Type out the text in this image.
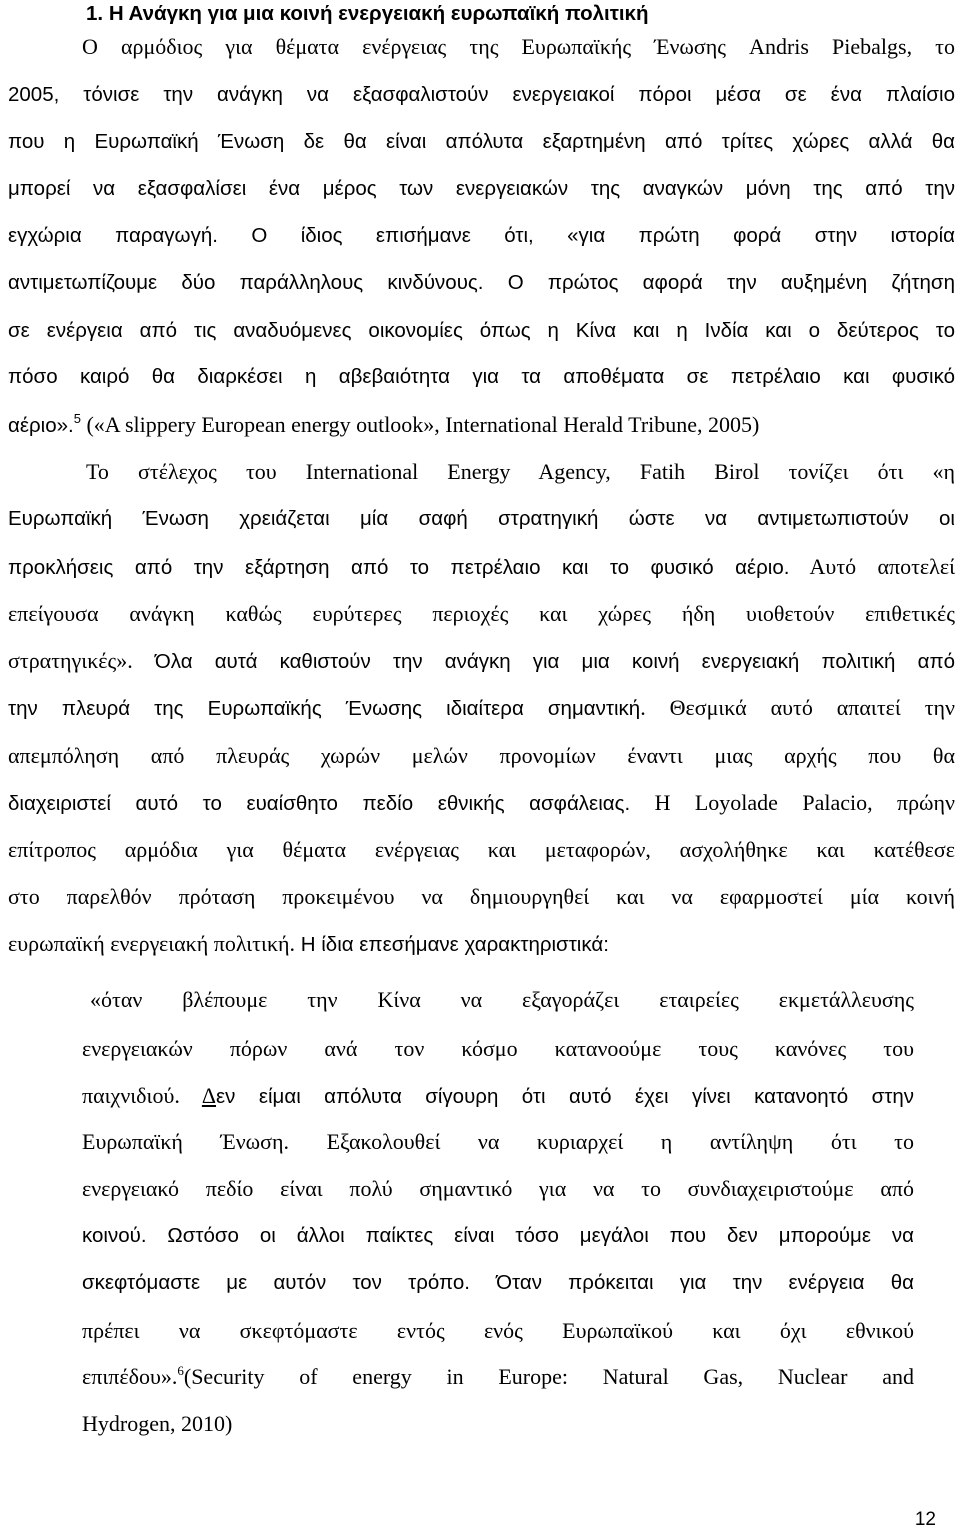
1. Η Ανάγκη για μια κοινή ενεργειακή ευρωπαϊκή πολιτική
Ο αρμόδιος για θέματα ενέργειας της Ευρωπαϊκής Ένωσης Andris Piebalgs, το
2005, τόνισε την ανάγκη να εξασφαλιστούν ενεργειακοί πόροι μέσα σε ένα πλαίσιο
που η Ευρωπαϊκή Ένωση δε θα είναι απόλυτα εξαρτημένη από τρίτες χώρες αλλά θα
μπορεί να εξασφαλίσει ένα μέρος των ενεργειακών της αναγκών μόνη της από την
εγχώρια παραγωγή. Ο ίδιος επισήμανε ότι, «για πρώτη φορά στην ιστορία
αντιμετωπίζουμε δύο παράλληλους κινδύνους. Ο πρώτος αφορά την αυξημένη ζήτηση
σε ενέργεια από τις αναδυόμενες οικονομίες όπως η Κίνα και η Ινδία και ο δεύτερος το
πόσο καιρό θα διαρκέσει η αβεβαιότητα για τα αποθέματα σε πετρέλαιο και φυσικό
αέριο».$^5$ («A slippery European energy outlook», International Herald Tribune, 2005)
Το στέλεχος του International Energy Agency, Fatih Birol τονίζει ότι «η
Ευρωπαϊκή Ένωση χρειάζεται μία σαφή στρατηγική ώστε να αντιμετωπιστούν οι
προκλήσεις από την εξάρτηση από το πετρέλαιο και το φυσικό αέριο. Αυτό αποτελεί
επείγουσα ανάγκη καθώς ευρύτερες περιοχές και χώρες ήδη υιοθετούν επιθετικές
στρατηγικές». Όλα αυτά καθιστούν την ανάγκη για μια κοινή ενεργειακή πολιτική από
την πλευρά της Ευρωπαϊκής Ένωσης ιδιαίτερα σημαντική. Θεσμικά αυτό απαιτεί την
απεμπόληση από πλευράς χωρών μελών προνομίων έναντι μιας αρχής που θα
διαχειριστεί αυτό το ευαίσθητο πεδίο εθνικής ασφάλειας. Η Loyolade Palacio, πρώην
επίτροπος αρμόδια για θέματα ενέργειας και μεταφορών, ασχολήθηκε και κατέθεσε
στο παρελθόν πρόταση προκειμένου να δημιουργηθεί και να εφαρμοστεί μία κοινή
ευρωπαϊκή ενεργειακή πολιτική. Η ίδια επεσήμανε χαρακτηριστικά:
«όταν βλέπουμε την Κίνα να εξαγοράζει εταιρείες εκμετάλλευσης
ενεργειακών πόρων ανά τον κόσμο κατανοούμε τους κανόνες του
παιχνιδιού. Δεν είμαι απόλυτα σίγουρη ότι αυτό έχει γίνει κατανοητό στην
Ευρωπαϊκή Ένωση. Εξακολουθεί να κυριαρχεί η αντίληψη ότι το
ενεργειακό πεδίο είναι πολύ σημαντικό για να το συνδιαχειριστούμε από
κοινού. Ωστόσο οι άλλοι παίκτες είναι τόσο μεγάλοι που δεν μπορούμε να
σκεφτόμαστε με αυτόν τον τρόπο. Όταν πρόκειται για την ενέργεια θα
πρέπει να σκεφτόμαστε εντός ενός Ευρωπαϊκού και όχι εθνικού
επιπέδου».$^6$(Security of energy in Europe: Natural Gas, Nuclear and
Hydrogen, 2010)
12
